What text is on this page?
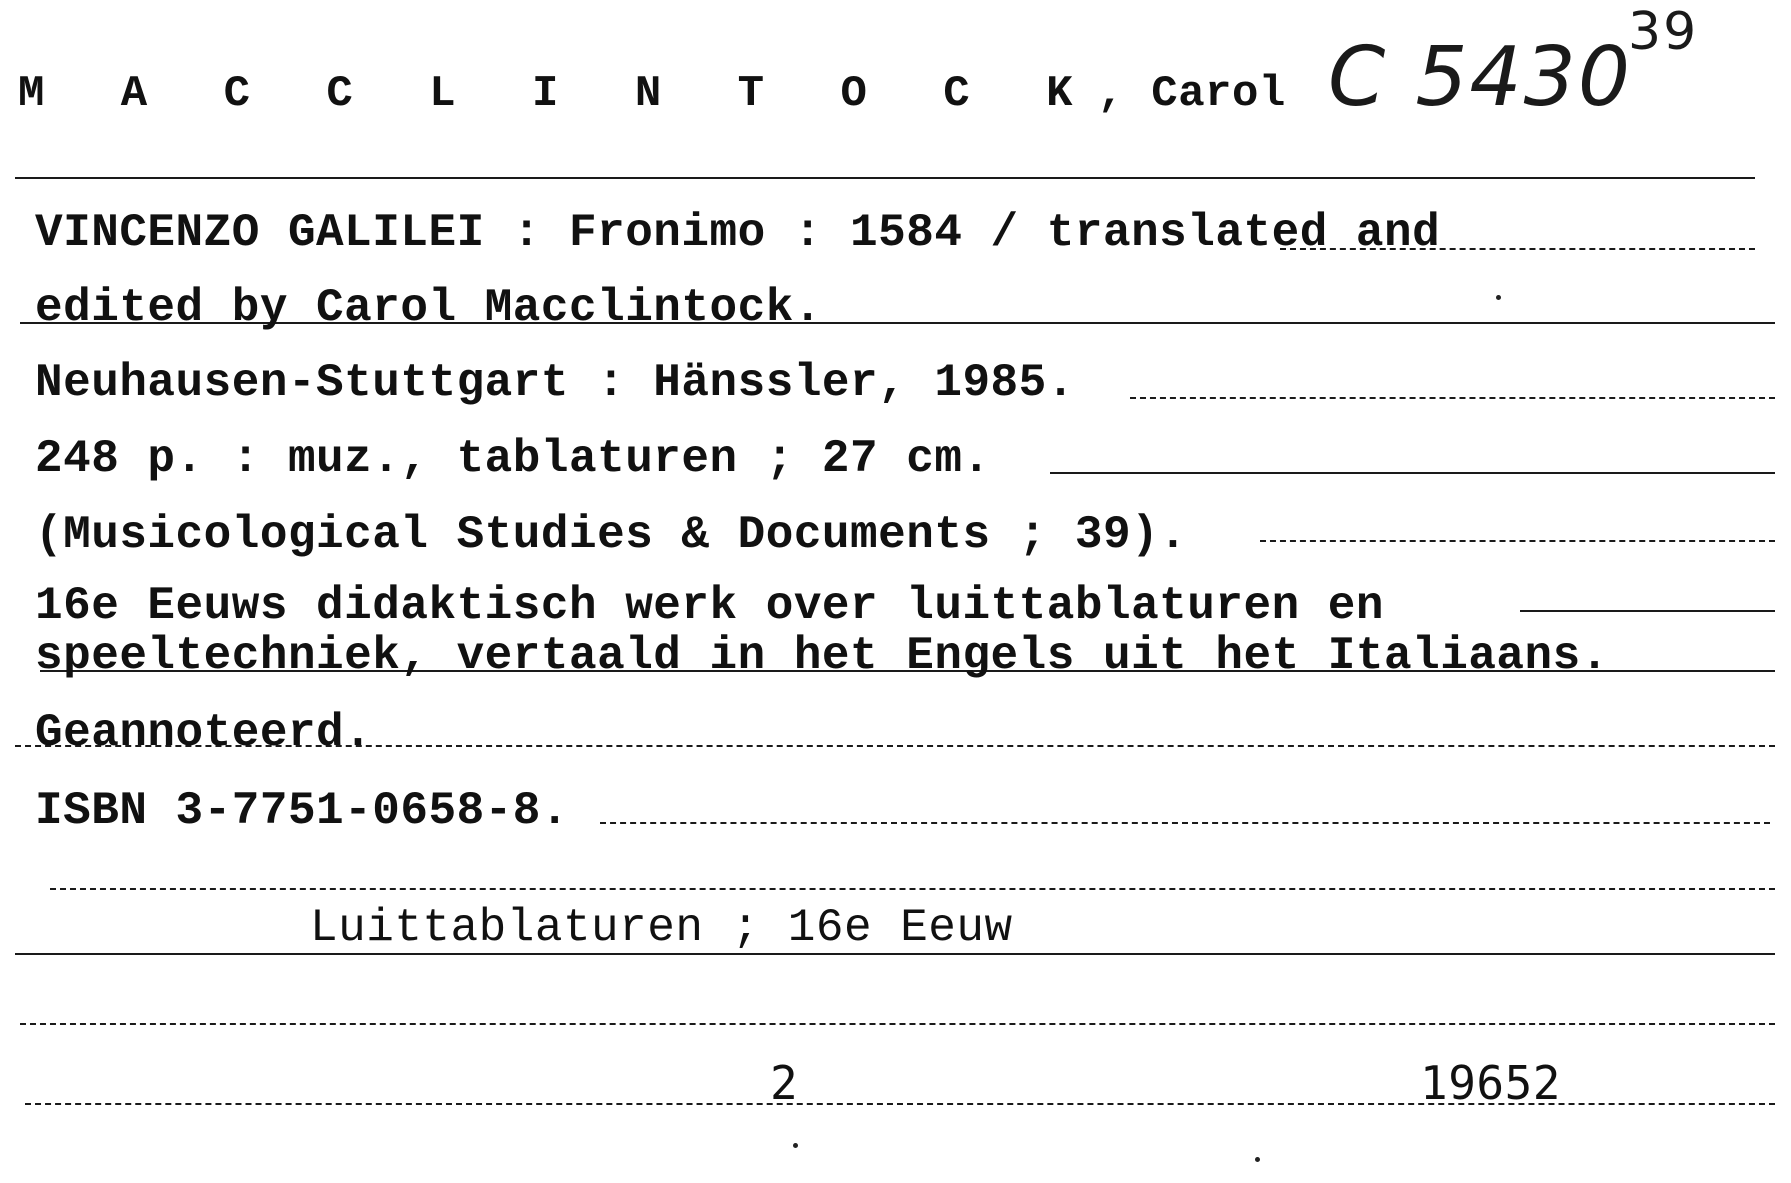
M A C C L I N T O C K, Carol C 5430
39
VINCENZO GALILEI : Fronimo : 1584 / translated and
edited by Carol Macclintock.
Neuhausen-Stuttgart : Hänssler, 1985.
248 p. : muz., tablaturen ; 27 cm.
(Musicological Studies & Documents ; 39).
16e Eeuws didaktisch werk over luittablaturen en
speeltechniek, vertaald in het Engels uit het Italiaans.
Geannoteerd.
ISBN 3-7751-0658-8.
Luittablaturen ; 16e Eeuw
2	19652
